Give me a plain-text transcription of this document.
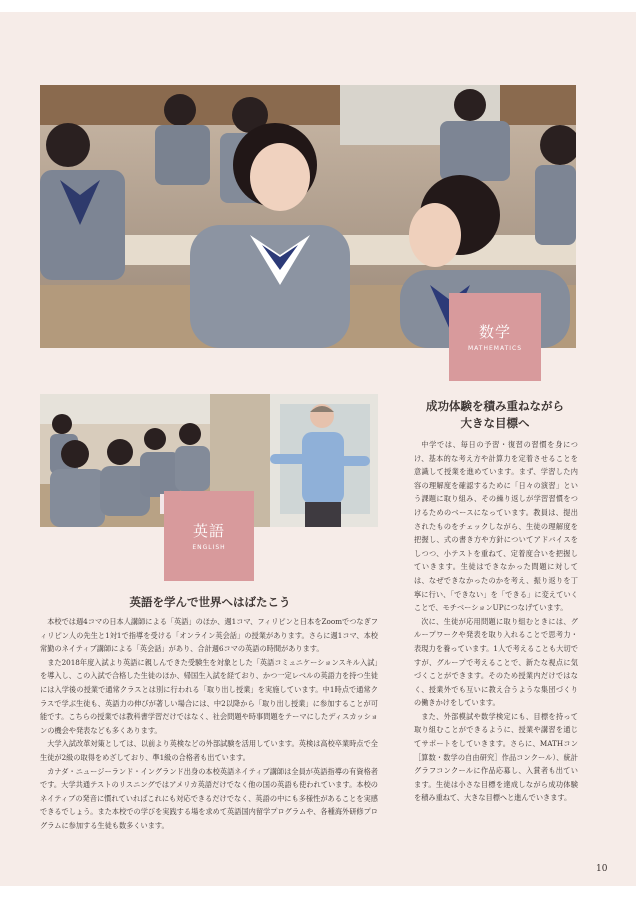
数学
MATHEMATICS
英語
ENGLISH
成功体験を積み重ねながら
大きな目標へ

中学では、毎日の予習・復習の習慣を身につけ、基本的な考え方や計算力を定着させることを意識して授業を進めています。まず、学習した内容の理解度を確認するために「日々の演習」という課題に取り組み、その繰り返しが学習習慣をつけるためのベースになっています。教員は、提出されたものをチェックしながら、生徒の理解度を把握し、式の書き方や方針についてアドバイスをしつつ、小テストを重ねて、定着度合いを把握していきます。生徒はできなかった問題に対しては、なぜできなかったのかを考え、振り返りを丁寧に行い、「できない」を「できる」に変えていくことで、モチベーションUPにつなげています。

次に、生徒が応用問題に取り組むときには、グループワークや発表を取り入れることで思考力・表現力を養っています。1人で考えることも大切ですが、グループで考えることで、新たな視点に気づくことができます。そのため授業内だけではなく、授業外でも互いに教え合うような集団づくりの働きかけをしています。

また、外部模試や数学検定にも、目標を持って取り組むことができるように、授業や講習を通じてサポートをしていきます。さらに、MATHコン［算数・数学の自由研究］作品コンクール）、統計グラフコンクールに作品応募し、入賞者も出ています。生徒は小さな目標を達成しながら成功体験を積み重ねて、大きな目標へと進んでいきます。

英語を学んで世界へはばたこう

本校では週4コマの日本人講師による「英語」のほか、週1コマ、フィリピンと日本をZoomでつなぎフィリピン人の先生と1対1で指導を受ける「オンライン英会話」の授業があります。さらに週1コマ、本校常勤のネイティブ講師による「英会話」があり、合計週6コマの英語の時間があります。

また2018年度入試より英語に親しんできた受験生を対象とした「英語コミュニケーションスキル入試」を導入し、この入試で合格した生徒のほか、帰国生入試を経ており、かつ一定レベルの英語力を持つ生徒には入学後の授業で通常クラスとは別に行われる「取り出し授業」を実施しています。中1時点で通常クラスで学ぶ生徒も、英語力の伸びが著しい場合には、中2以降から「取り出し授業」に参加することが可能です。こちらの授業では教科書学習だけではなく、社会問題や時事問題をテーマにしたディスカッションの機会や発表なども多くあります。

大学入試改革対策としては、以前より英検などの外部試験を活用しています。英検は高校卒業時点で全生徒が2級の取得をめざしており、準1級の合格者も出ています。

カナダ・ニュージーランド・イングランド出身の本校英語ネイティブ講師は全員が英語指導の有資格者です。大学共通テストのリスニングではアメリカ英語だけでなく他の国の英語も使われています。本校のネイティブの発音に慣れていればこれにも対応できるだけでなく、英語の中にも多様性があることを実感できるでしょう。また本校での学びを実践する場を求めて英語国内留学プログラムや、各種海外研修プログラムに参加する生徒も数多くいます。

10
